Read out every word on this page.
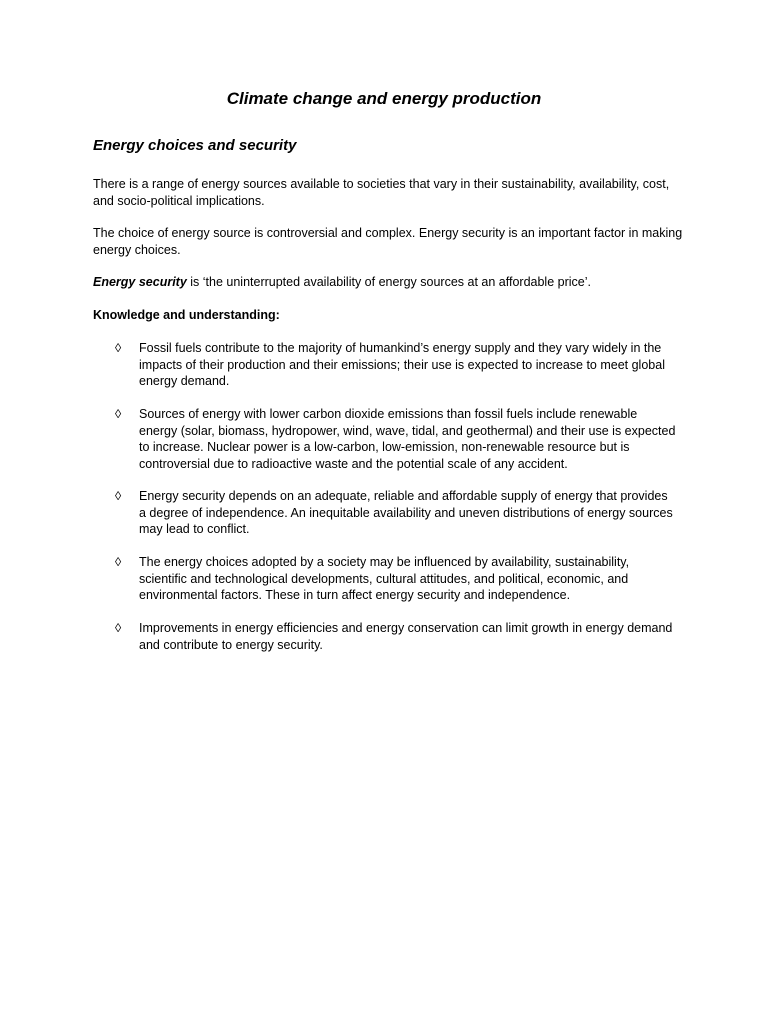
Climate change and energy production
Energy choices and security

There is a range of energy sources available to societies that vary in their sustainability, availability, cost, and socio-political implications.

The choice of energy source is controversial and complex. Energy security is an important factor in making energy choices.

Energy security is ‘the uninterrupted availability of energy sources at an affordable price’.

Knowledge and understanding:

◊ Fossil fuels contribute to the majority of humankind’s energy supply and they vary widely in the impacts of their production and their emissions; their use is expected to increase to meet global energy demand.

◊ Sources of energy with lower carbon dioxide emissions than fossil fuels include renewable energy (solar, biomass, hydropower, wind, wave, tidal, and geothermal) and their use is expected to increase. Nuclear power is a low-carbon, low-emission, non-renewable resource but is controversial due to radioactive waste and the potential scale of any accident.

◊ Energy security depends on an adequate, reliable and affordable supply of energy that provides a degree of independence. An inequitable availability and uneven distributions of energy sources may lead to conflict.

◊ The energy choices adopted by a society may be influenced by availability, sustainability, scientific and technological developments, cultural attitudes, and political, economic, and environmental factors. These in turn affect energy security and independence.

◊ Improvements in energy efficiencies and energy conservation can limit growth in energy demand and contribute to energy security.
